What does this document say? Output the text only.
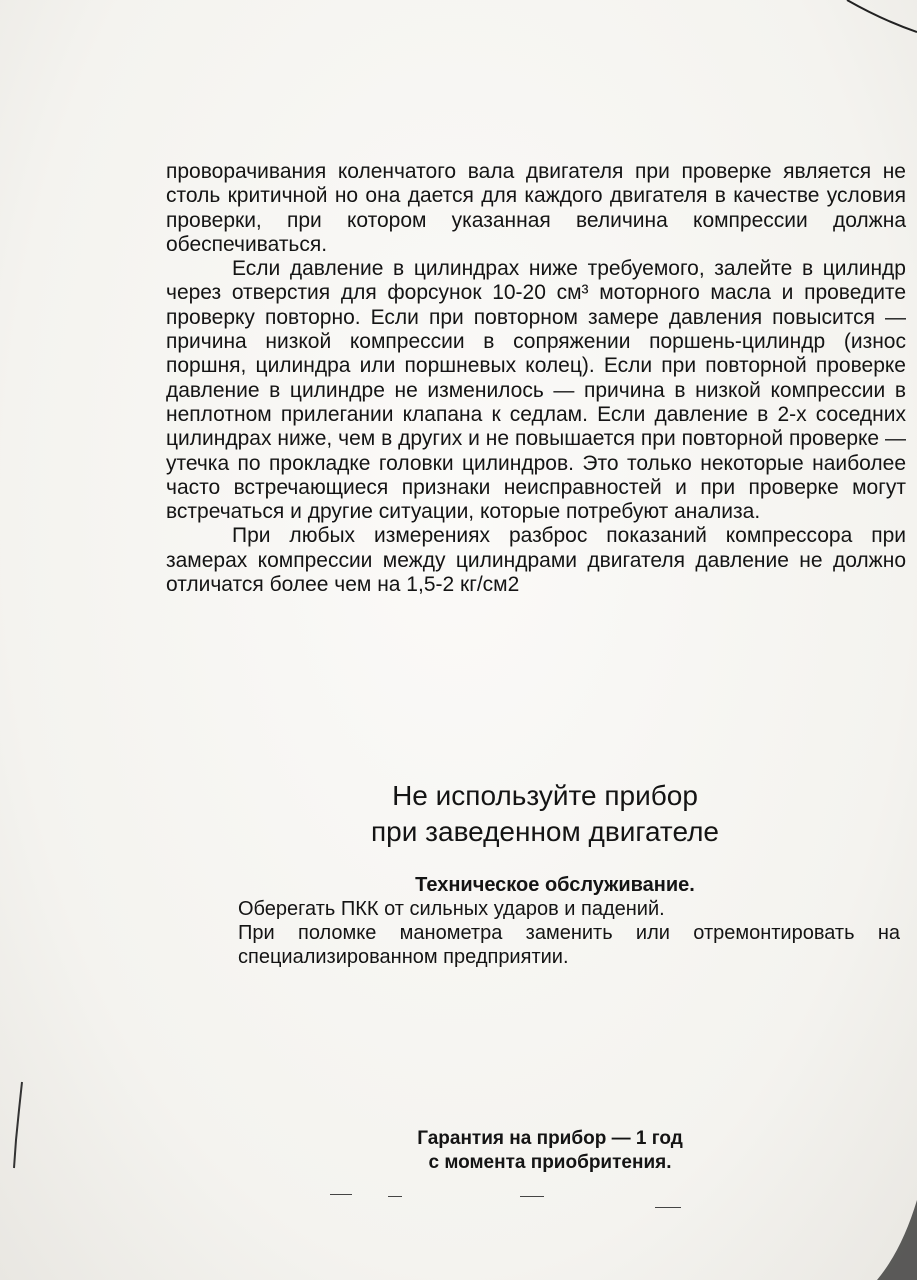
проворачивания коленчатого вала двигателя при проверке является не столь критичной но она дается для каждого двигателя в качестве условия проверки, при котором указанная величина компрессии должна обеспечиваться.

Если давление в цилиндрах ниже требуемого, залейте в цилиндр через отверстия для форсунок 10-20 см³ моторного масла и проведите проверку повторно. Если при повторном замере давления повысится — причина низкой компрессии в сопряжении поршень-цилиндр (износ поршня, цилиндра или поршневых колец). Если при повторной проверке давление в цилиндре не изменилось — причина в низкой компрессии в неплотном прилегании клапана к седлам. Если давление в 2-х соседних цилиндрах ниже, чем в других и не повышается при повторной проверке — утечка по прокладке головки цилиндров. Это только некоторые наиболее часто встречающиеся признаки неисправностей и при проверке могут встречаться и другие ситуации, которые потребуют анализа.

При любых измерениях разброс показаний компрессора при замерах компрессии между цилиндрами двигателя давление не должно отличатся более чем на 1,5-2 кг/см2

Не используйте прибор
при заведенном двигателе
Техническое обслуживание.
Оберегать ПКК от сильных ударов и падений.
При поломке манометра заменить или отремонтировать на специализированном предприятии.
Гарантия на прибор — 1 год
с момента приобритения.
